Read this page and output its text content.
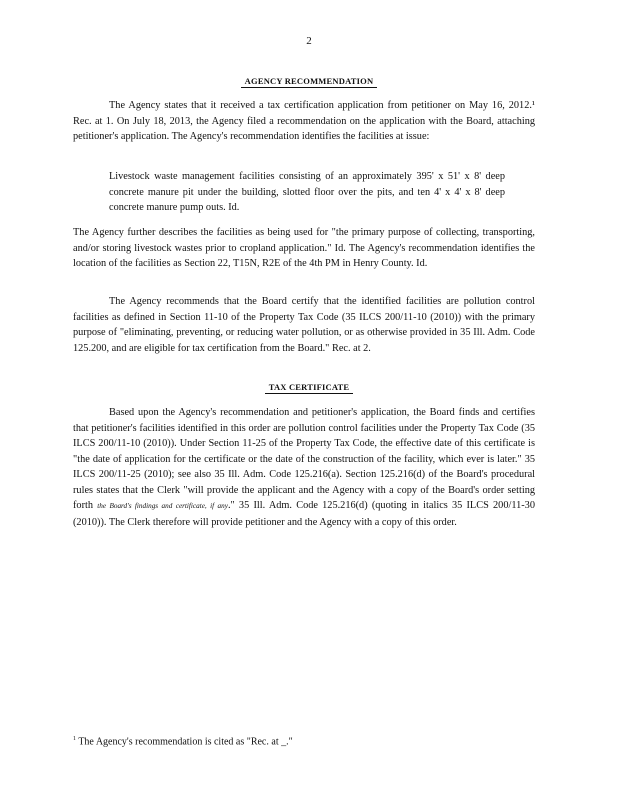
2
AGENCY RECOMMENDATION
The Agency states that it received a tax certification application from petitioner on May 16, 2012.¹ Rec. at 1. On July 18, 2013, the Agency filed a recommendation on the application with the Board, attaching petitioner's application. The Agency's recommendation identifies the facilities at issue:
Livestock waste management facilities consisting of an approximately 395' x 51' x 8' deep concrete manure pit under the building, slotted floor over the pits, and ten 4' x 4' x 8' deep concrete manure pump outs. Id.
The Agency further describes the facilities as being used for "the primary purpose of collecting, transporting, and/or storing livestock wastes prior to cropland application." Id. The Agency's recommendation identifies the location of the facilities as Section 22, T15N, R2E of the 4th PM in Henry County. Id.
The Agency recommends that the Board certify that the identified facilities are pollution control facilities as defined in Section 11-10 of the Property Tax Code (35 ILCS 200/11-10 (2010)) with the primary purpose of "eliminating, preventing, or reducing water pollution, or as otherwise provided in 35 Ill. Adm. Code 125.200, and are eligible for tax certification from the Board." Rec. at 2.
TAX CERTIFICATE
Based upon the Agency's recommendation and petitioner's application, the Board finds and certifies that petitioner's facilities identified in this order are pollution control facilities under the Property Tax Code (35 ILCS 200/11-10 (2010)). Under Section 11-25 of the Property Tax Code, the effective date of this certificate is "the date of application for the certificate or the date of the construction of the facility, which ever is later." 35 ILCS 200/11-25 (2010); see also 35 Ill. Adm. Code 125.216(a). Section 125.216(d) of the Board's procedural rules states that the Clerk "will provide the applicant and the Agency with a copy of the Board's order setting forth the Board's findings and certificate, if any." 35 Ill. Adm. Code 125.216(d) (quoting in italics 35 ILCS 200/11-30 (2010)). The Clerk therefore will provide petitioner and the Agency with a copy of this order.
$^1$ The Agency's recommendation is cited as "Rec. at _."
